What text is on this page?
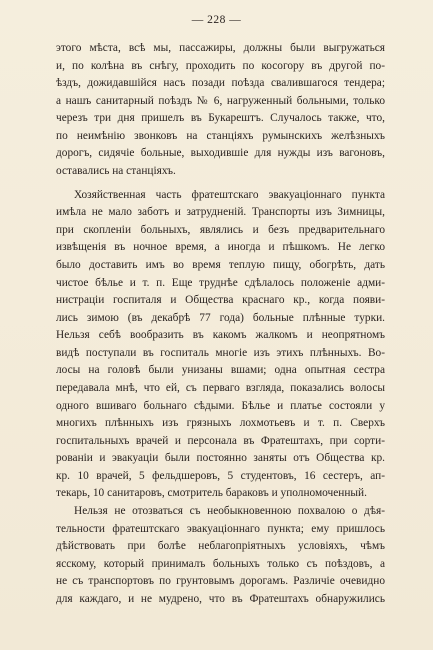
— 228 —
этого мѣста, всѣ мы, пассажиры, должны были выгружаться
и, по колѣна въ снѣгу, проходить по косогору въ другой по-
ѣздъ, дожидавшійся насъ позади поѣзда свалившагося тендера;
а нашъ санитарный поѣздъ № 6, нагруженный больными, только
черезъ три дня пришелъ въ Букарештъ. Случалось также, что,
по неимѣнію звонковъ на станціяхъ румынскихъ желѣзныхъ
дорогъ, сидячіе больные, выходившіе для нужды изъ вагоновъ,
оставались на станціяхъ.
Хозяйственная часть фратештскаго эвакуаціоннаго пункта
имѣла не мало заботъ и затрудненій. Транспорты изъ Зимницы,
при скопленіи больныхъ, являлись и безъ предварительнаго
извѣщенія въ ночное время, а иногда и пѣшкомъ. Не легко
было доставить имъ во время теплую пищу, обогрѣть, дать
чистое бѣлье и т. п. Еще труднѣе сдѣлалось положеніе адми-
нистраціи госпиталя и Общества краснаго кр., когда появи-
лись зимою (въ декабрѣ 77 года) больные плѣнные турки.
Нельзя себѣ вообразить въ какомъ жалкомъ и неопрятномъ
видѣ поступали въ госпиталь многіе изъ этихъ плѣнныхъ. Во-
лосы на головѣ были унизаны вшами; одна опытная сестра
передавала мнѣ, что ей, съ перваго взгляда, показались волосы
одного вшиваго больнаго сѣдыми. Бѣлье и платье состояли у
многихъ плѣнныхъ изъ грязныхъ лохмотьевъ и т. п. Сверхъ
госпитальныхъ врачей и персонала въ Фратештахъ, при сорти-
рованіи и эвакуаціи были постоянно заняты отъ Общества кр.
кр. 10 врачей, 5 фельдшеровъ, 5 студентовъ, 16 сестеръ, ап-
текарь, 10 санитаровъ, смотритель бараковъ и уполномоченный.
Нельзя не отозваться съ необыкновенною похвалою о дѣя-
тельности фратештскаго эвакуаціоннаго пункта; ему пришлось
дѣйствовать при болѣе неблагопріятныхъ условіяхъ, чѣмъ
ясскому, который принималъ больныхъ только съ поѣздовъ, а
не съ транспортовъ по грунтовымъ дорогамъ. Различіе очевидно
для каждаго, и не мудрено, что въ Фратештахъ обнаружились
